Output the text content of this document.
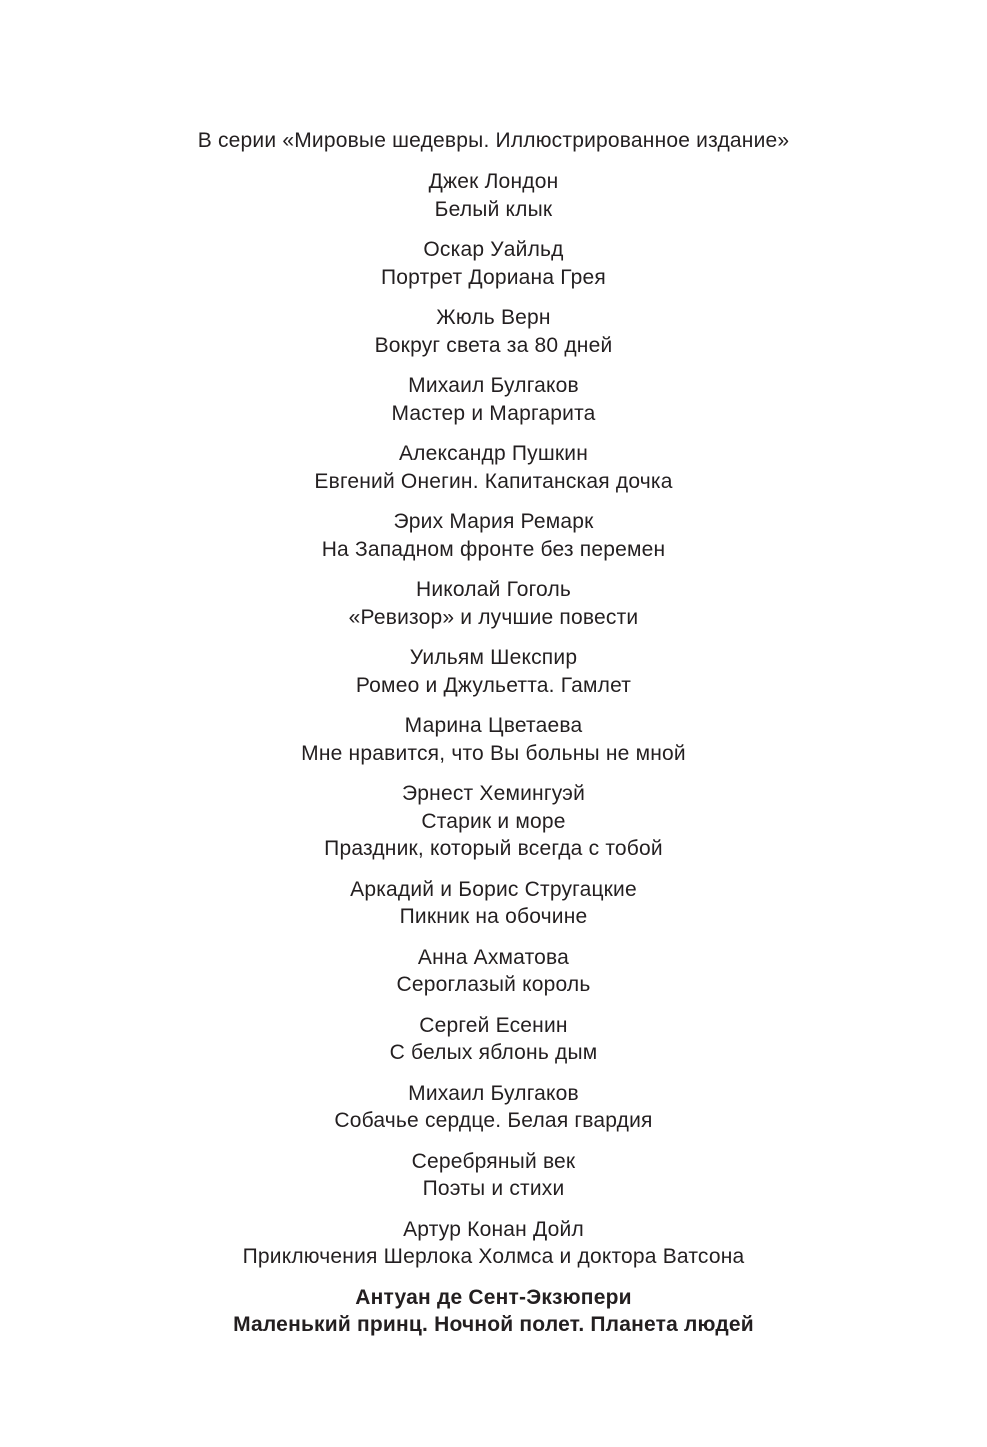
В серии «Мировые шедевры. Иллюстрированное издание»
Джек Лондон
Белый клык
Оскар Уайльд
Портрет Дориана Грея
Жюль Верн
Вокруг света за 80 дней
Михаил Булгаков
Мастер и Маргарита
Александр Пушкин
Евгений Онегин. Капитанская дочка
Эрих Мария Ремарк
На Западном фронте без перемен
Николай Гоголь
«Ревизор» и лучшие повести
Уильям Шекспир
Ромео и Джульетта. Гамлет
Марина Цветаева
Мне нравится, что Вы больны не мной
Эрнест Хемингуэй
Старик и море
Праздник, который всегда с тобой
Аркадий и Борис Стругацкие
Пикник на обочине
Анна Ахматова
Сероглазый король
Сергей Есенин
С белых яблонь дым
Михаил Булгаков
Собачье сердце. Белая гвардия
Серебряный век
Поэты и стихи
Артур Конан Дойл
Приключения Шерлока Холмса и доктора Ватсона
Антуан де Сент-Экзюпери
Маленький принц. Ночной полет. Планета людей
